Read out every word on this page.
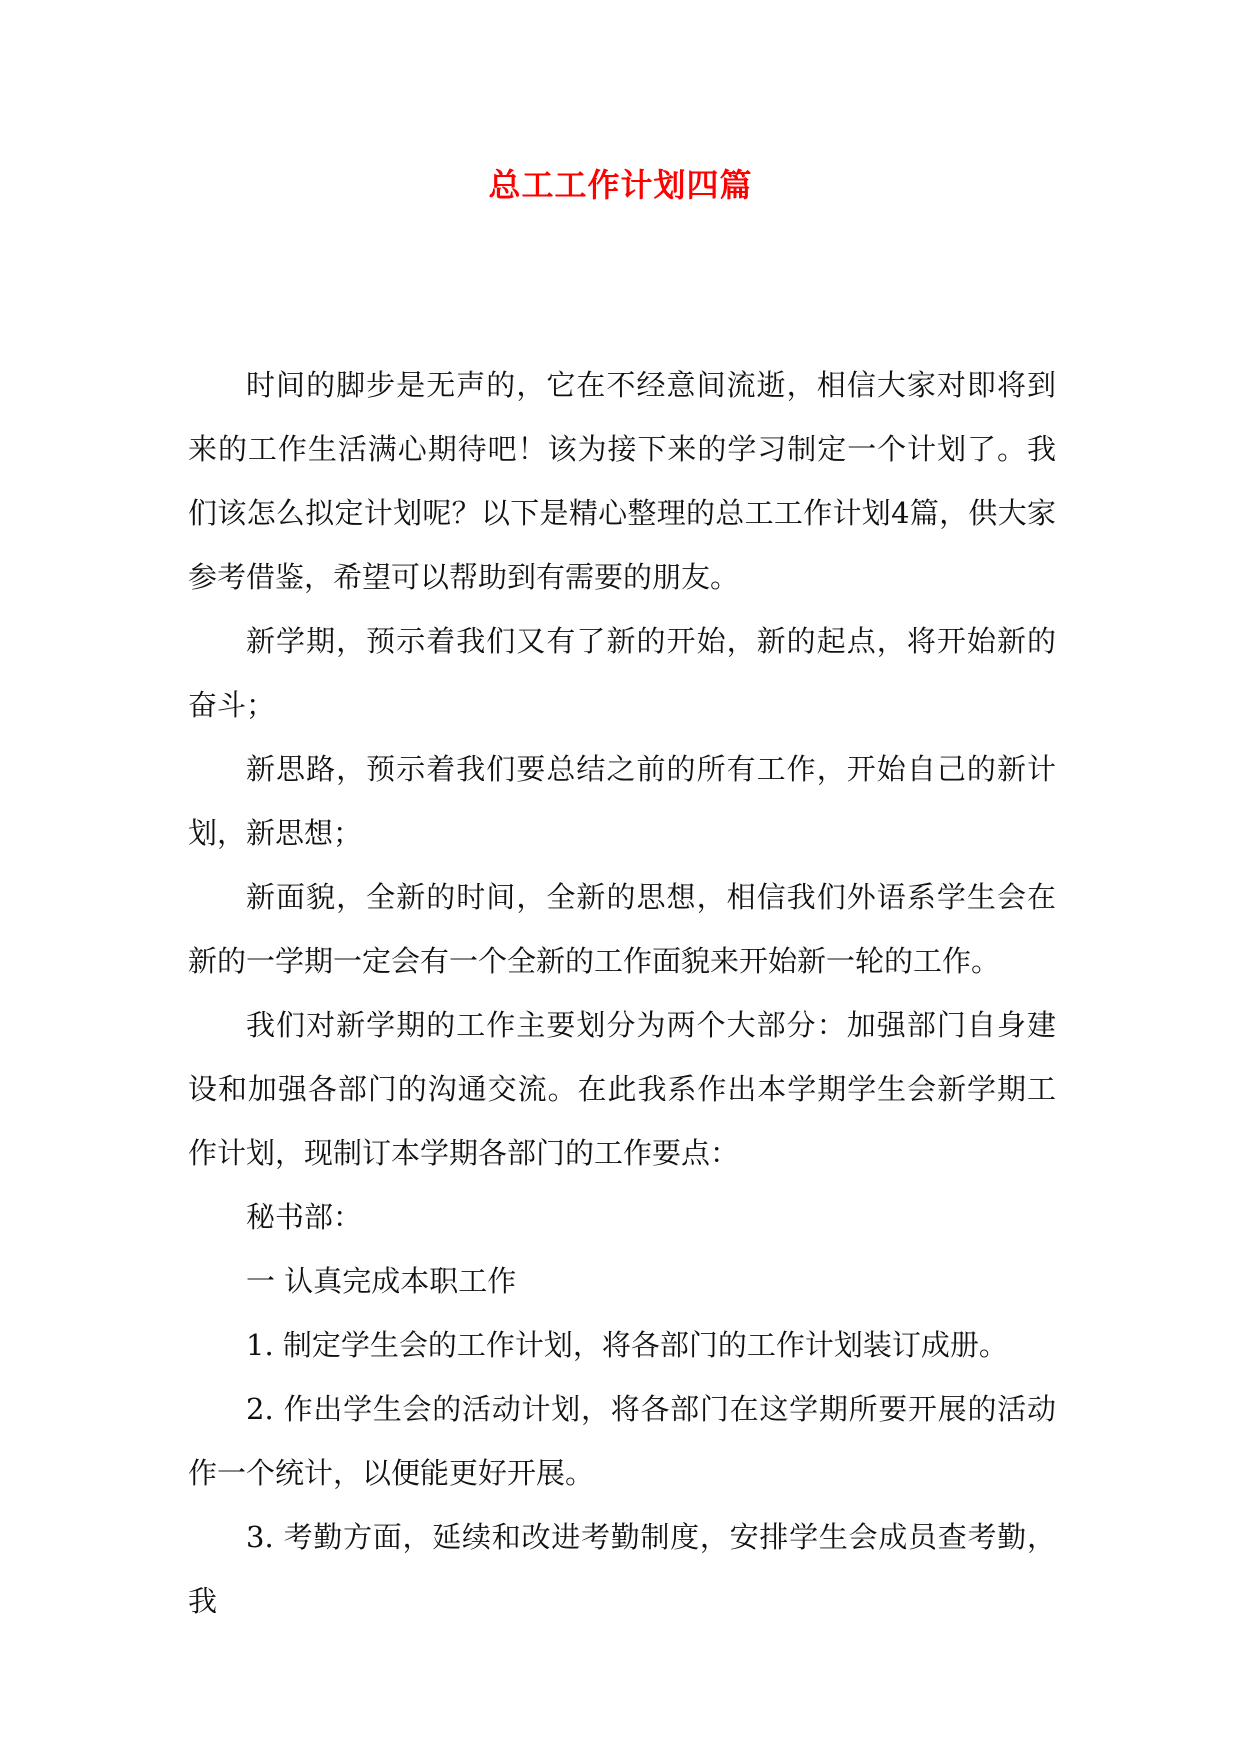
总工工作计划四篇

时间的脚步是无声的，它在不经意间流逝，相信大家对即将到来的工作生活满心期待吧！该为接下来的学习制定一个计划了。我们该怎么拟定计划呢？以下是精心整理的总工工作计划4篇，供大家参考借鉴，希望可以帮助到有需要的朋友。

新学期，预示着我们又有了新的开始，新的起点，将开始新的奋斗；

新思路，预示着我们要总结之前的所有工作，开始自己的新计划，新思想；

新面貌，全新的时间，全新的思想，相信我们外语系学生会在新的一学期一定会有一个全新的工作面貌来开始新一轮的工作。

我们对新学期的工作主要划分为两个大部分：加强部门自身建设和加强各部门的沟通交流。在此我系作出本学期学生会新学期工作计划，现制订本学期各部门的工作要点：

秘书部：

一 认真完成本职工作

1. 制定学生会的工作计划，将各部门的工作计划装订成册。

2. 作出学生会的活动计划，将各部门在这学期所要开展的活动作一个统计，以便能更好开展。

3. 考勤方面，延续和改进考勤制度，安排学生会成员查考勤，我
